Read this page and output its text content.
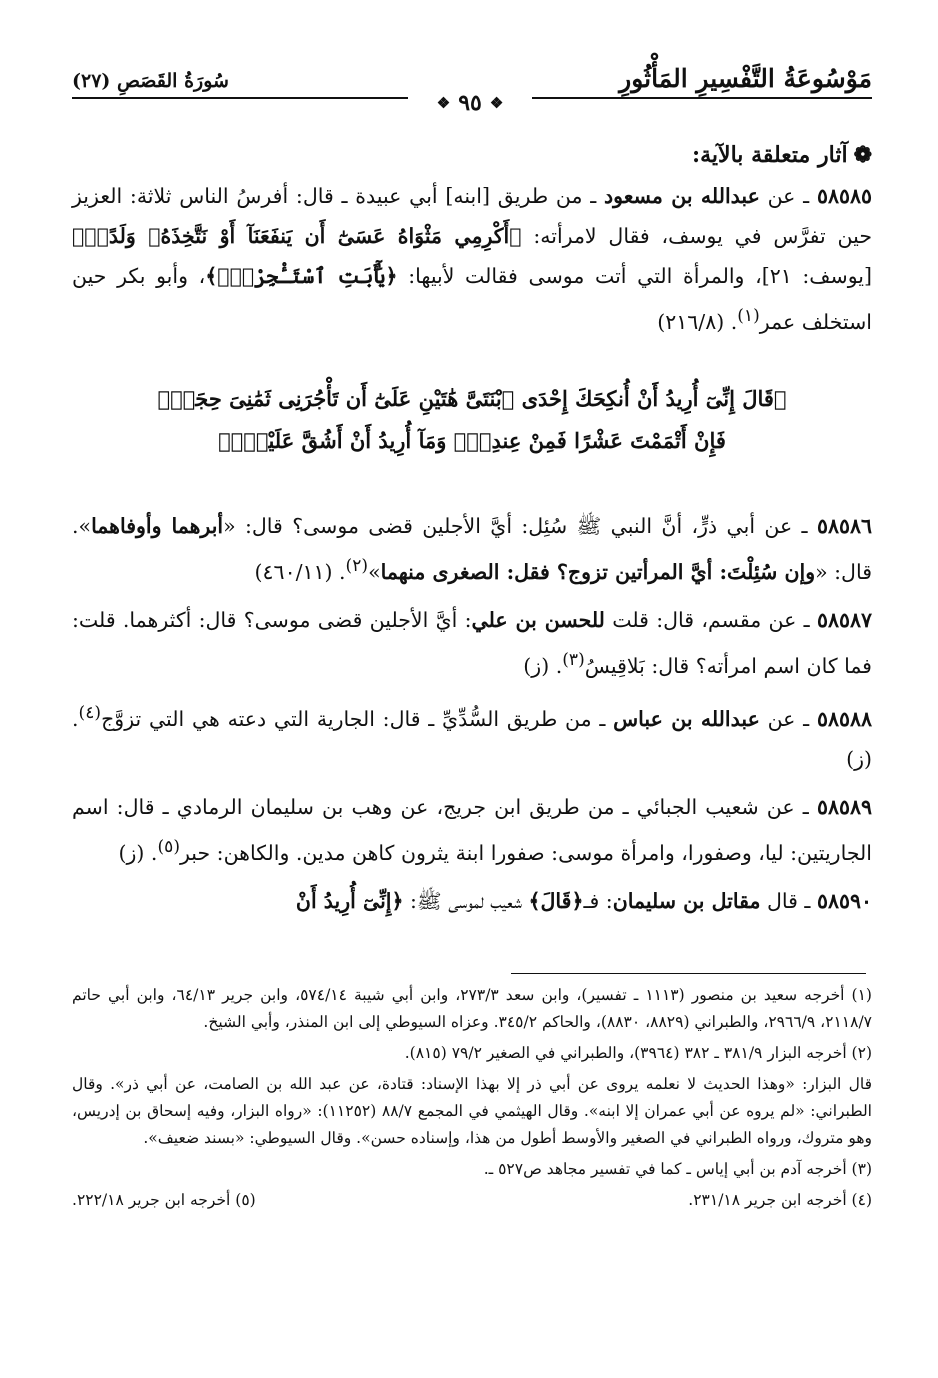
مَوْسُوعَةُ التَّفْسِيرِ المَأْثُورِ
سُورَةُ القَصَصِ (٢٧)
❖
٩٥
❖
❁آثار متعلقة بالآية:

٥٨٥٨٥ ـ عن عبدالله بن مسعود ـ من طريق [ابنه] أبي عبيدة ـ قال: أفرسُ الناس ثلاثة: العزيز حين تفرَّس في يوسف، فقال لامرأته: ﴿أَكْرِمِي مَثْوَاهُ عَسَىٰٓ أَن يَنفَعَنَآ أَوْ نَتَّخِذَهُۥ وَلَدًاۚ﴾ [يوسف: ٢١]، والمرأة التي أتت موسى فقالت لأبيها: ﴿يَٰٓأَبَتِ ٱسْتَـْٔجِرْهُۖ﴾، وأبو بكر حين استخلف عمر$^{(١)}$. (٢١٦/٨)

﴿قَالَ إِنِّىٓ أُرِيدُ أَنْ أُنكِحَكَ إِحْدَى ٱبْنَتَىَّ هَٰتَيْنِ عَلَىٰٓ أَن تَأْجُرَنِى ثَمَٰنِىَ حِجَجٍۖ
فَإِنْ أَتْمَمْتَ عَشْرًا فَمِنْ عِندِكَۖ وَمَآ أُرِيدُ أَنْ أَشُقَّ عَلَيْكَۚ﴾

٥٨٥٨٦ ـ عن أبي ذرٍّ، أنَّ النبي ﷺ سُئِل: أيَّ الأجلين قضى موسى؟ قال: «أبرهما وأوفاهما». قال: «وإن سُئِلْتَ: أيَّ المرأتين تزوج؟ فقل: الصغرى منهما»$^{(٢)}$. (٤٦٠/١١)

٥٨٥٨٧ ـ عن مقسم، قال: قلت للحسن بن علي: أيَّ الأجلين قضى موسى؟ قال: أكثرهما. قلت: فما كان اسم امرأته؟ قال: بَلاقِيسُ$^{(٣)}$. (ز)

٥٨٥٨٨ ـ عن عبدالله بن عباس ـ من طريق السُّدِّيِّ ـ قال: الجارية التي دعته هي التي تزوَّج$^{(٤)}$. (ز)

٥٨٥٨٩ ـ عن شعيب الجبائي ـ من طريق ابن جريج، عن وهب بن سليمان الرمادي ـ قال: اسم الجاريتين: ليا، وصفورا، وامرأة موسى: صفورا ابنة يثرون كاهن مدين. والكاهن: حبر$^{(٥)}$. (ز)

٥٨٥٩٠ ـ قال مقاتل بن سليمان: فـ﴿قَالَ﴾ شعيب لموسى ﷺ: ﴿إِنِّىٓ أُرِيدُ أَنْ

(١) أخرجه سعيد بن منصور (١١١٣ ـ تفسير)، وابن سعد ٢٧٣/٣، وابن أبي شيبة ٥٧٤/١٤، وابن جرير ٦٤/١٣، وابن أبي حاتم ٢١١٨/٧، ٢٩٦٦/٩، والطبراني (٨٨٢٩، ٨٨٣٠)، والحاكم ٣٤٥/٢. وعزاه السيوطي إلى ابن المنذر، وأبي الشيخ.

(٢) أخرجه البزار ٣٨١/٩ ـ ٣٨٢ (٣٩٦٤)، والطبراني في الصغير ٧٩/٢ (٨١٥).

قال البزار: «وهذا الحديث لا نعلمه يروى عن أبي ذر إلا بهذا الإسناد: قتادة، عن عبد الله بن الصامت، عن أبي ذر». وقال الطبراني: «لم يروه عن أبي عمران إلا ابنه». وقال الهيثمي في المجمع ٨٨/٧ (١١٢٥٢): «رواه البزار، وفيه إسحاق بن إدريس، وهو متروك، ورواه الطبراني في الصغير والأوسط أطول من هذا، وإسناده حسن». وقال السيوطي: «بسند ضعيف».

(٣) أخرجه آدم بن أبي إياس ـ كما في تفسير مجاهد ص٥٢٧ ـ.

(٤) أخرجه ابن جرير ٢٣١/١٨.
(٥) أخرجه ابن جرير ٢٢٢/١٨.
